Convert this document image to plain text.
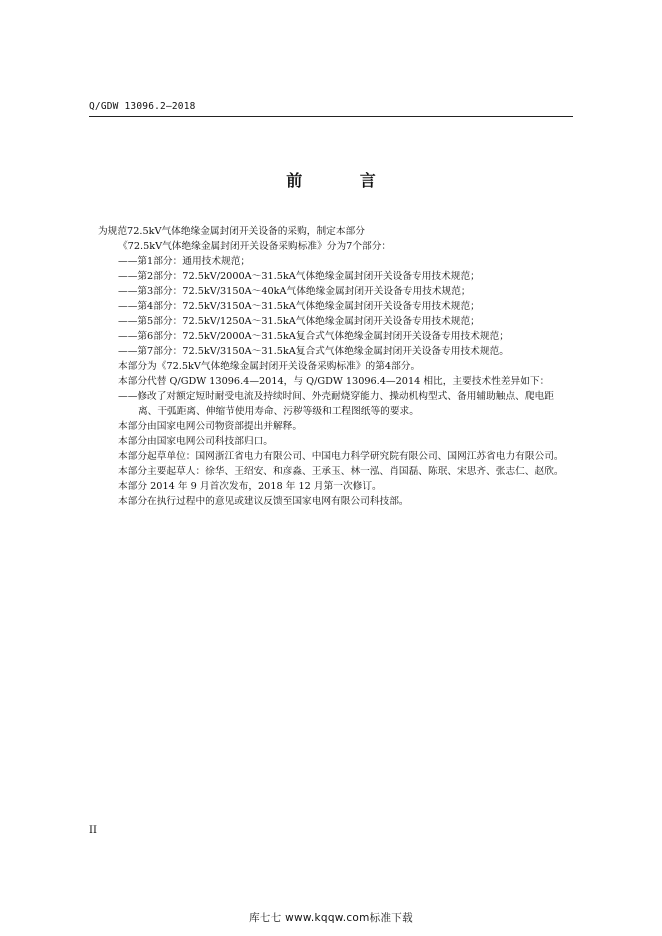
Q/GDW 13096.2—2018
前 言
为规范72.5kV气体绝缘金属封闭开关设备的采购，制定本部分
《72.5kV气体绝缘金属封闭开关设备采购标准》分为7个部分：
——第1部分：通用技术规范；
——第2部分：72.5kV/2000A～31.5kA气体绝缘金属封闭开关设备专用技术规范；
——第3部分：72.5kV/3150A～40kA气体绝缘金属封闭开关设备专用技术规范；
——第4部分：72.5kV/3150A～31.5kA气体绝缘金属封闭开关设备专用技术规范；
——第5部分：72.5kV/1250A～31.5kA气体绝缘金属封闭开关设备专用技术规范；
——第6部分：72.5kV/2000A～31.5kA复合式气体绝缘金属封闭开关设备专用技术规范；
——第7部分：72.5kV/3150A～31.5kA复合式气体绝缘金属封闭开关设备专用技术规范。
本部分为《72.5kV气体绝缘金属封闭开关设备采购标准》的第4部分。
本部分代替 Q/GDW 13096.4—2014，与 Q/GDW 13096.4—2014 相比，主要技术性差异如下：
——修改了对额定短时耐受电流及持续时间、外壳耐烧穿能力、操动机构型式、备用辅助触点、爬电距离、干弧距离、伸缩节使用寿命、污秽等级和工程图纸等的要求。
本部分由国家电网公司物资部提出并解释。
本部分由国家电网公司科技部归口。
本部分起草单位：国网浙江省电力有限公司、中国电力科学研究院有限公司、国网江苏省电力有限公司。
本部分主要起草人：徐华、王绍安、和彦淼、王承玉、林一泓、肖国磊、陈珉、宋思齐、张志仁、赵欣。
本部分 2014 年 9 月首次发布，2018 年 12 月第一次修订。
本部分在执行过程中的意见或建议反馈至国家电网有限公司科技部。
II
库七七 www.kqqw.com标准下载
